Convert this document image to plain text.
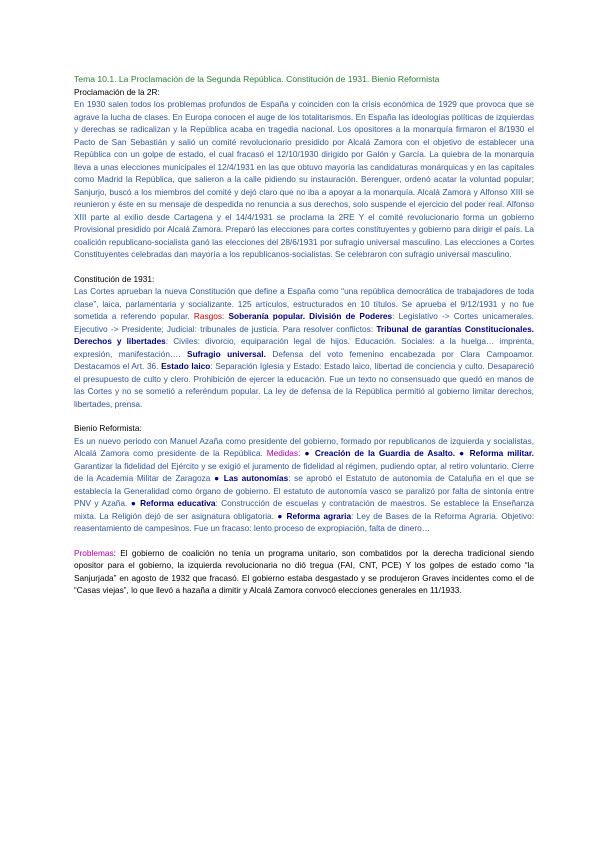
Tema 10.1. La Proclamación de la Segunda República. Constitución de 1931. Bienio Reformista
Proclamación de la 2R:

En 1930 salen todos los problemas profundos de España y coinciden con la crisis económica de 1929 que provoca que se agrave la lucha de clases. En Europa conocen el auge de los totalitarismos. En España las ideologías políticas de izquierdas y derechas se radicalizan y la República acaba en tragedia nacional. Los opositores a la monarquía firmaron el 8/1930 el Pacto de San Sebastián y salió un comité revolucionario presidido por Alcalá Zamora con el objetivo de establecer una República con un golpe de estado, el cual fracasó el 12/10/1930 dirigido por Galón y García. La quiebra de la monarquía lleva a unas elecciones municipales el 12/4/1931 en las que obtuvo mayoría las candidaturas monárquicas y en las capitales como Madrid la República, que salieron a la calle pidiendo su instauración. Berenguer, ordenó acatar la voluntad popular; Sanjurjo, buscó a los miembros del comité y dejó claro que no iba a apoyar a la monarquía. Alcalá Zamora y Alfonso XIII se reunieron y éste en su mensaje de despedida no renuncia a sus derechos, solo suspende el ejercicio del poder real. Alfonso XIII parte al exilio desde Cartagena y el 14/4/1931 se proclama la 2RE Y el comité revolucionario forma un gobierno Provisional presidido por Alcalá Zamora. Preparó las elecciones para cortes constituyentes y gobierno para dirigir el país. La coalición republicano-socialista ganó las elecciones del 28/6/1931 por sufragio universal masculino. Las elecciones a Cortes Constituyentes celebradas dan mayoría a los republicanos-socialistas. Se celebraron con sufragio universal masculino.

Constitución de 1931:

Las Cortes aprueban la nueva Constitución que define a España como “una república democrática de trabajadores de toda clase”, laica, parlamentaria y socializante. 125 artículos, estructurados en 10 títulos. Se aprueba el 9/12/1931 y no fue sometida a referendo popular. Rasgos: Soberanía popular. División de Poderes: Legislativo -> Cortes unicamerales. Ejecutivo -> Presidente; Judicial: tribunales de justicia. Para resolver conflictos: Tribunal de garantías Constitucionales. Derechos y libertades: Civiles: divorcio, equiparación legal de hijos. Educación. Sociales: a la huelga… imprenta, expresión, manifestación…. Sufragio universal. Defensa del voto femenino encabezada por Clara Campoamor. Destacamos el Art. 36. Estado laico: Separación Iglesia y Estado: Estado laico, libertad de conciencia y culto. Desapareció el presupuesto de culto y clero. Prohibición de ejercer la educación. Fue un texto no consensuado que quedó en manos de las Cortes y no se sometió a referéndum popular. La ley de defensa de la República permitió al gobierno limitar derechos, libertades, prensa.

Bienio Reformista:

Es un nuevo periodo con Manuel Azaña como presidente del gobierno, formado por republicanos de izquierda y socialistas, Alcalá Zamora como presidente de la República. Medidas: ● Creación de la Guardia de Asalto. ● Reforma militar. Garantizar la fidelidad del Ejército y se exigió el juramento de fidelidad al régimen, pudiendo optar, al retiro voluntario. Cierre de la Academia Militar de Zaragoza ● Las autonomías: se aprobó el Estatuto de autonomía de Cataluña en el que se establecía la Generalidad como órgano de gobierno. El estatuto de autonomía vasco se paralizó por falta de sintonía entre PNV y Azaña. ● Reforma educativa: Construcción de escuelas y contratación de maestros. Se establece la Enseñanza mixta. La Religión dejó de ser asignatura obligatoria. ● Reforma agraria: Ley de Bases de la Reforma Agraria. Objetivo: reasentamiento de campesinos. Fue un fracaso: lento proceso de expropiación, falta de dinero…

Problemas: El gobierno de coalición no tenía un programa unitario, son combatidos por la derecha tradicional siendo opositor para el gobierno, la izquierda revolucionaria no dió tregua (FAI, CNT, PCE) Y los golpes de estado como “la Sanjurjada” en agosto de 1932 que fracasó. El gobierno estaba desgastado y se produjeron Graves incidentes como el de “Casas viejas”, lo que llevó a hazaña a dimitir y Alcalá Zamora convocó elecciones generales en 11/1933.
